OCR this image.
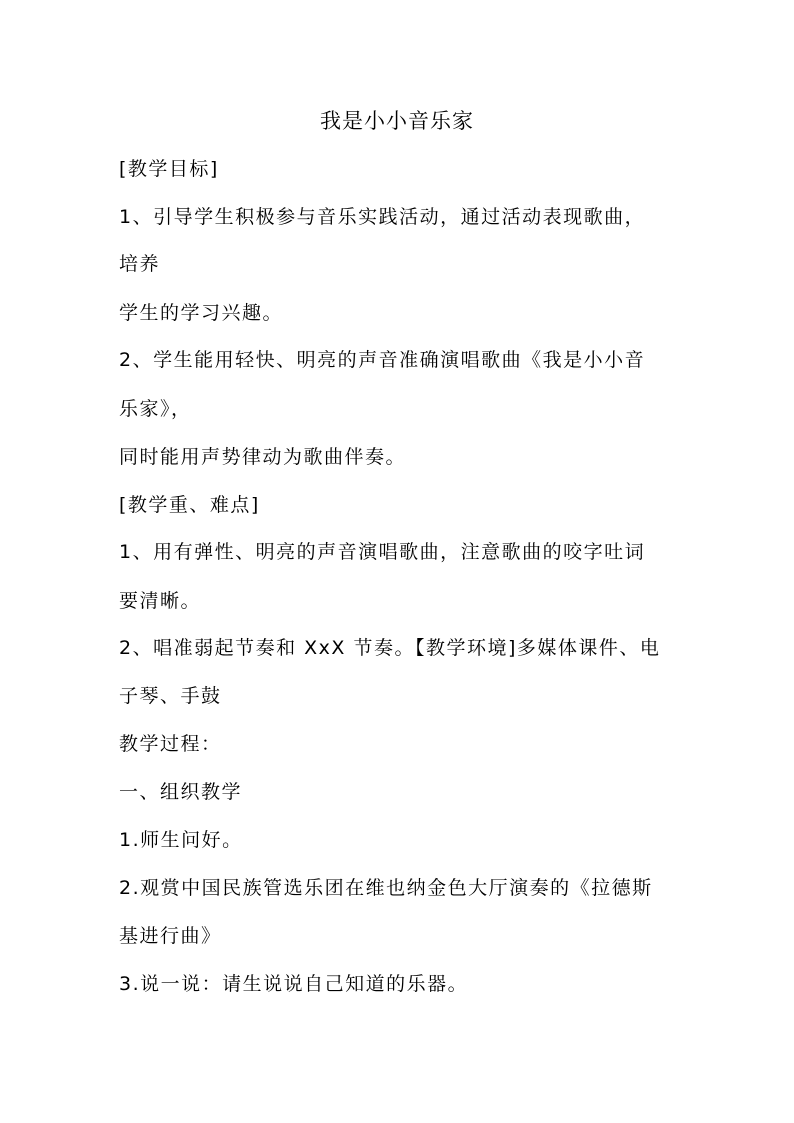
我是小小音乐家
[教学目标]
1、引导学生积极参与音乐实践活动，通过活动表现歌曲，
培养
学生的学习兴趣。
2、学生能用轻快、明亮的声音准确演唱歌曲《我是小小音
乐家》，
同时能用声势律动为歌曲伴奏。
[教学重、难点]
1、用有弹性、明亮的声音演唱歌曲，注意歌曲的咬字吐词
要清晰。
2、唱准弱起节奏和 XxX 节奏。【教学环境]多媒体课件、电
子琴、手鼓
教学过程：
一、组织教学
1.师生问好。
2.观赏中国民族管选乐团在维也纳金色大厅演奏的《拉德斯
基进行曲》
3.说一说：请生说说自己知道的乐器。
